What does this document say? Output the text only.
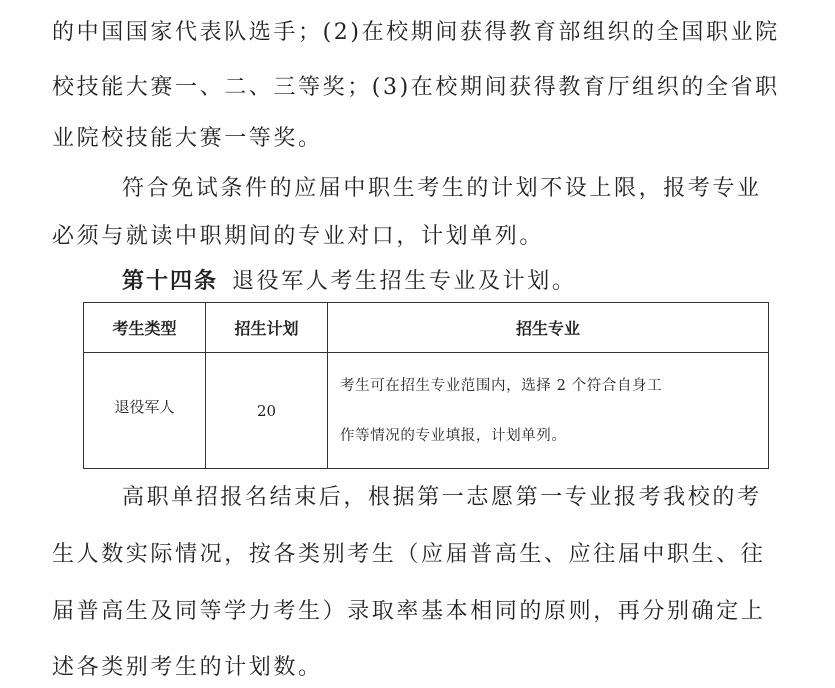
的中国国家代表队选手；(2)在校期间获得教育部组织的全国职业院
校技能大赛一、二、三等奖；(3)在校期间获得教育厅组织的全省职
业院校技能大赛一等奖。
符合免试条件的应届中职生考生的计划不设上限，报考专业
必须与就读中职期间的专业对口，计划单列。
第十四条 退役军人考生招生专业及计划。
考生类型	招生计划	招生专业
退役军人	20	考生可在招生专业范围内，选择 2 个符合自身工
作等情况的专业填报，计划单列。
高职单招报名结束后，根据第一志愿第一专业报考我校的考
生人数实际情况，按各类别考生（应届普高生、应往届中职生、往
届普高生及同等学力考生）录取率基本相同的原则，再分别确定上
述各类别考生的计划数。
